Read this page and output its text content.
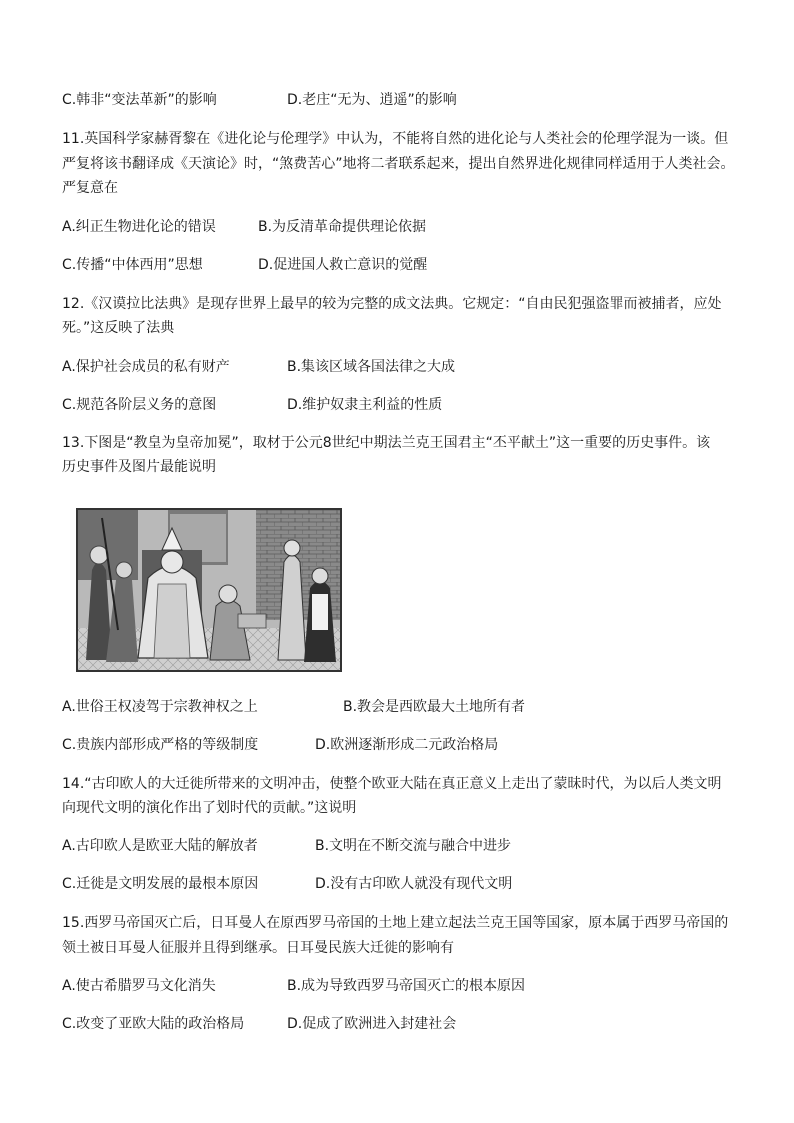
C.韩非“变法革新”的影响	D.老庄“无为、逍遥”的影响
11.英国科学家赫胥黎在《进化论与伦理学》中认为，不能将自然的进化论与人类社会的伦理学混为一谈。但
严复将该书翻译成《天演论》时，“煞费苦心”地将二者联系起来，提出自然界进化规律同样适用于人类社会。
严复意在
A.纠正生物进化论的错误	B.为反清革命提供理论依据
C.传播“中体西用”思想	D.促进国人救亡意识的觉醒
12.《汉谟拉比法典》是现存世界上最早的较为完整的成文法典。它规定：“自由民犯强盗罪而被捕者，应处
死。”这反映了法典
A.保护社会成员的私有财产	B.集该区域各国法律之大成
C.规范各阶层义务的意图	D.维护奴隶主利益的性质
13.下图是“教皇为皇帝加冕”，取材于公元8世纪中期法兰克王国君主“丕平献土”这一重要的历史事件。该
历史事件及图片最能说明
A.世俗王权凌驾于宗教神权之上	B.教会是西欧最大土地所有者
C.贵族内部形成严格的等级制度	D.欧洲逐渐形成二元政治格局
14.“古印欧人的大迁徙所带来的文明冲击，使整个欧亚大陆在真正意义上走出了蒙昧时代，为以后人类文明
向现代文明的演化作出了划时代的贡献。”这说明
A.古印欧人是欧亚大陆的解放者	B.文明在不断交流与融合中进步
C.迁徙是文明发展的最根本原因	D.没有古印欧人就没有现代文明
15.西罗马帝国灭亡后，日耳曼人在原西罗马帝国的土地上建立起法兰克王国等国家，原本属于西罗马帝国的
领土被日耳曼人征服并且得到继承。日耳曼民族大迁徙的影响有
A.使古希腊罗马文化消失	B.成为导致西罗马帝国灭亡的根本原因
C.改变了亚欧大陆的政治格局	D.促成了欧洲进入封建社会
